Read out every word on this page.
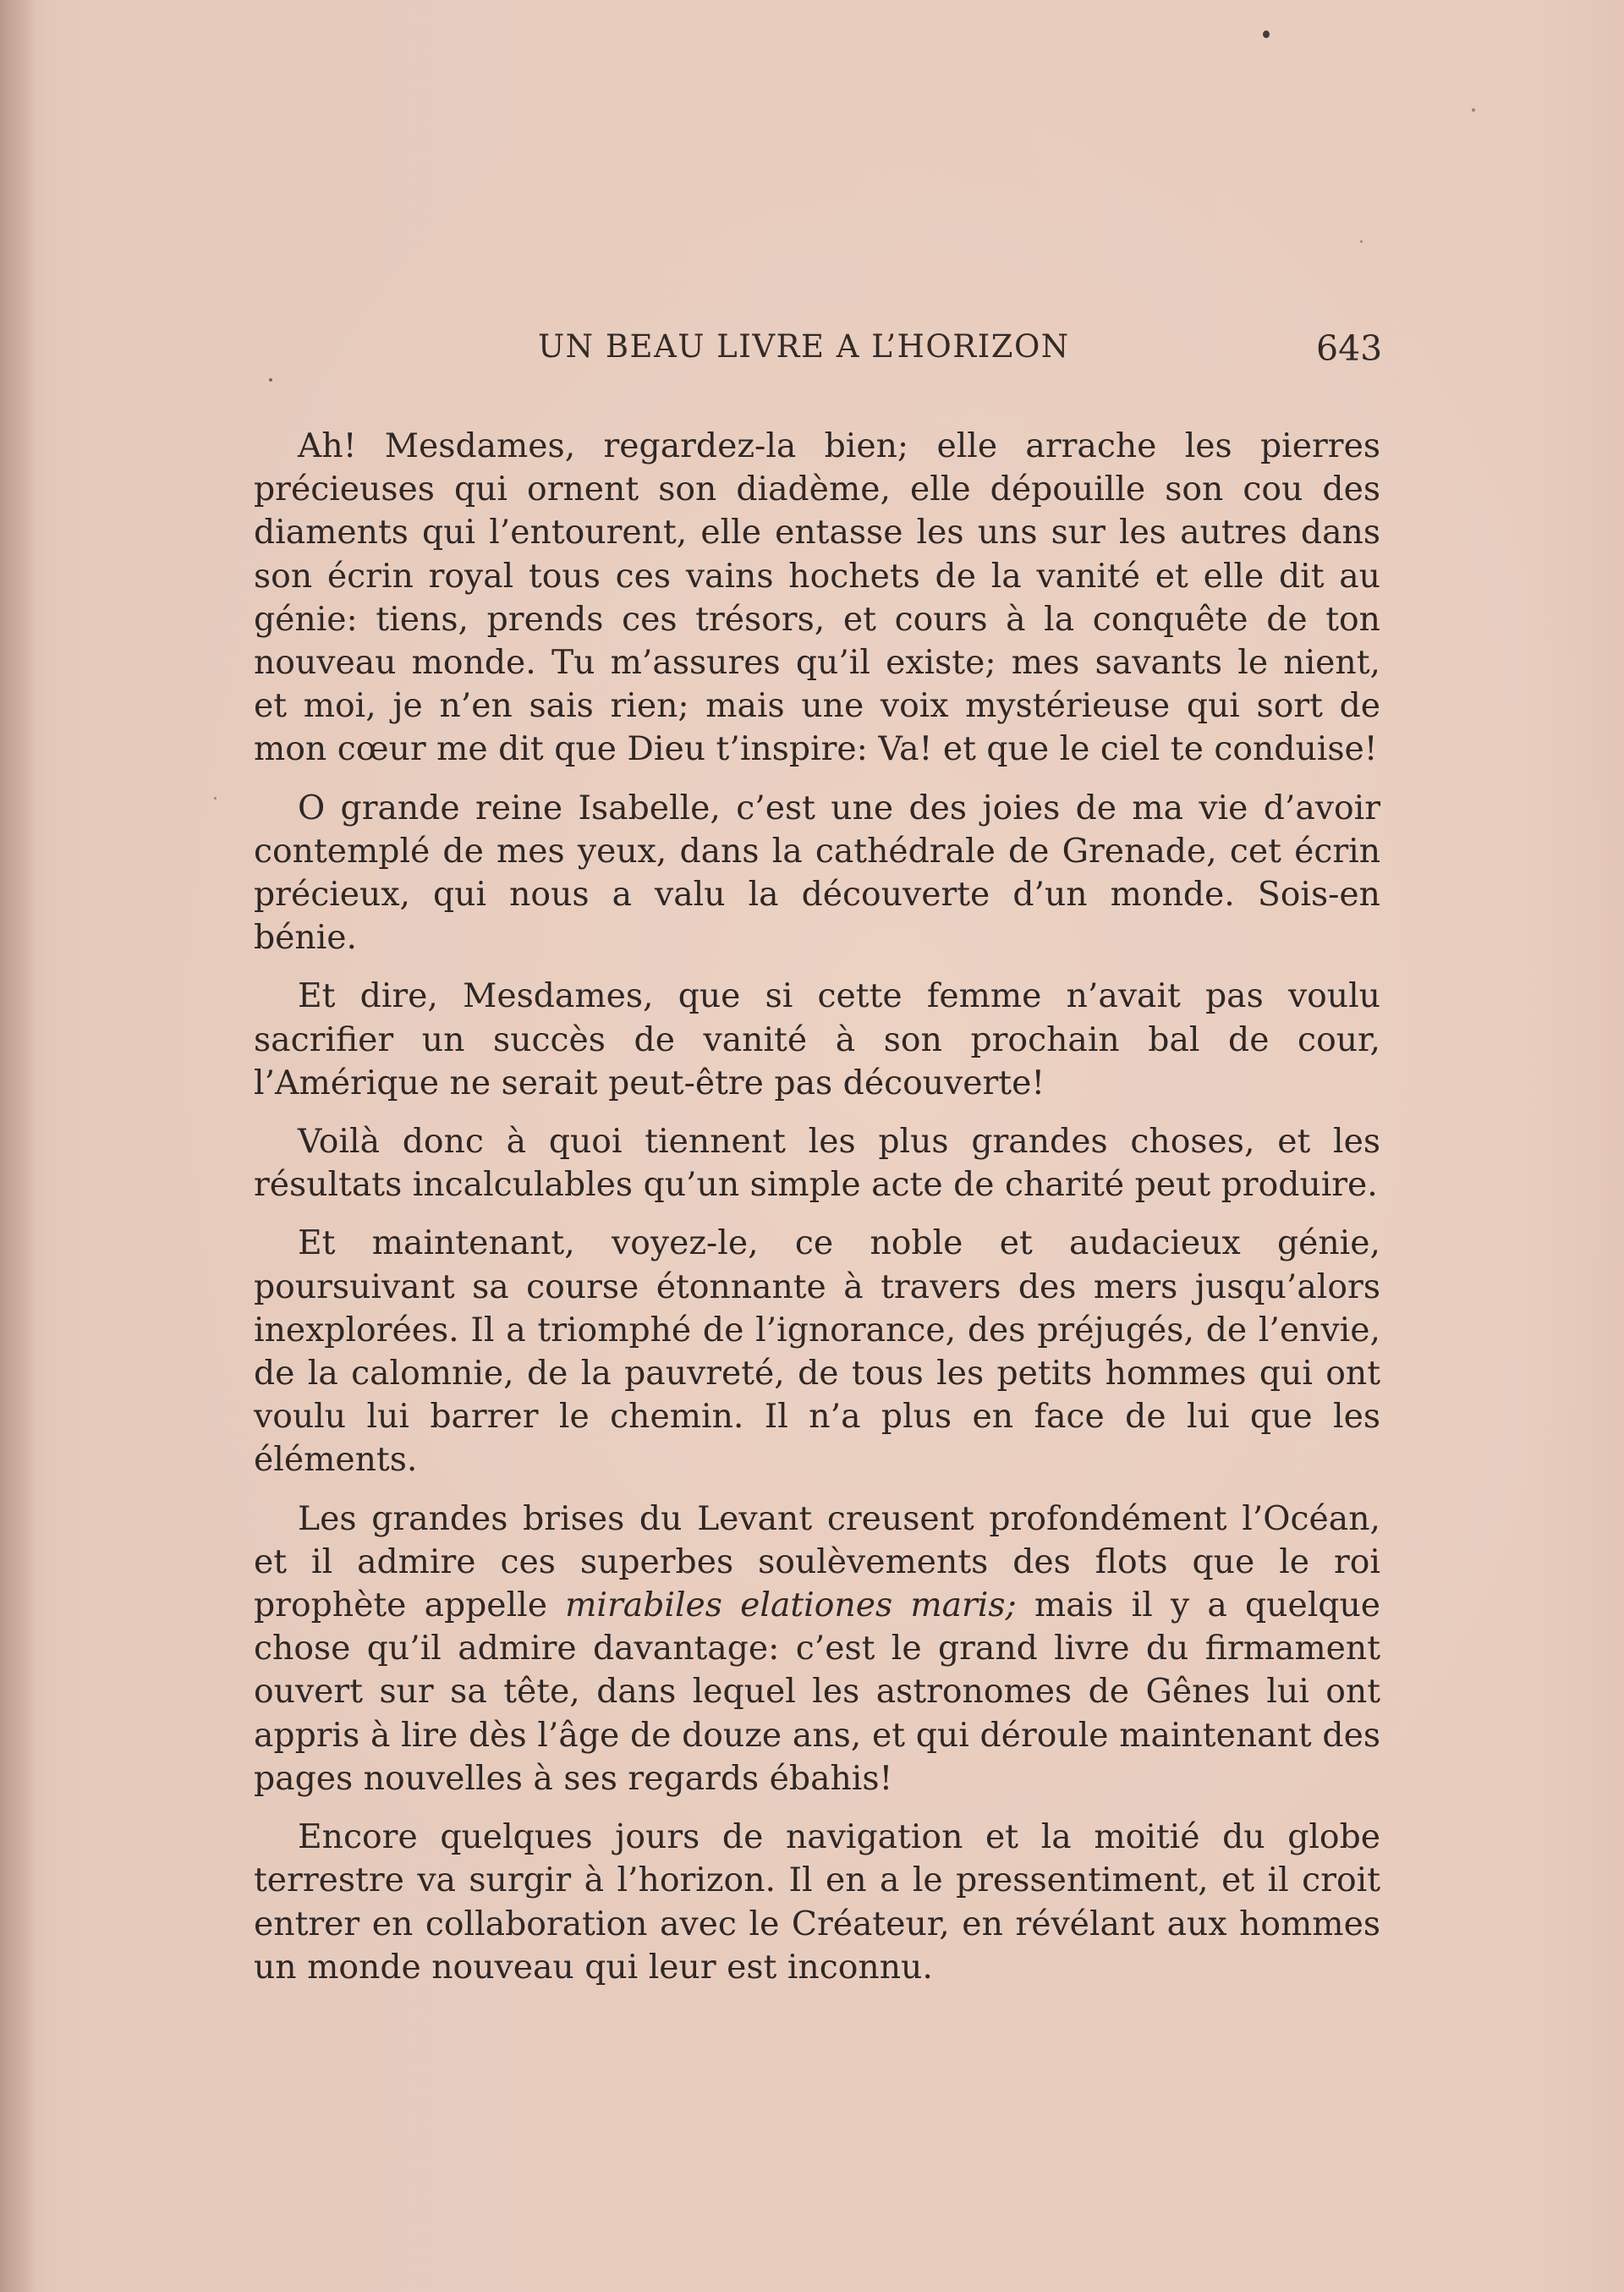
UN BEAU LIVRE A L’HORIZON	643

Ah! Mesdames, regardez-la bien; elle arrache les pierres précieuses qui ornent son diadème, elle dépouille son cou des diaments qui l’entourent, elle entasse les uns sur les autres dans son écrin royal tous ces vains hochets de la vanité et elle dit au génie: tiens, prends ces trésors, et cours à la conquête de ton nouveau monde. Tu m’assures qu’il existe; mes savants le nient, et moi, je n’en sais rien; mais une voix mystérieuse qui sort de mon cœur me dit que Dieu t’inspire: Va! et que le ciel te conduise!

O grande reine Isabelle, c’est une des joies de ma vie d’avoir contemplé de mes yeux, dans la cathédrale de Grenade, cet écrin précieux, qui nous a valu la découverte d’un monde. Sois-en bénie.

Et dire, Mesdames, que si cette femme n’avait pas voulu sacrifier un succès de vanité à son prochain bal de cour, l’Amérique ne serait peut-être pas découverte!

Voilà donc à quoi tiennent les plus grandes choses, et les résultats incalculables qu’un simple acte de charité peut produire.

Et maintenant, voyez-le, ce noble et audacieux génie, poursuivant sa course étonnante à travers des mers jusqu’alors inexplorées. Il a triomphé de l’ignorance, des préjugés, de l’envie, de la calomnie, de la pauvreté, de tous les petits hommes qui ont voulu lui barrer le chemin. Il n’a plus en face de lui que les éléments.

Les grandes brises du Levant creusent profondément l’Océan, et il admire ces superbes soulèvements des flots que le roi prophète appelle mirabiles elationes maris; mais il y a quelque chose qu’il admire davantage: c’est le grand livre du firmament ouvert sur sa tête, dans lequel les astronomes de Gênes lui ont appris à lire dès l’âge de douze ans, et qui déroule maintenant des pages nouvelles à ses regards ébahis!

Encore quelques jours de navigation et la moitié du globe terrestre va surgir à l’horizon. Il en a le pressentiment, et il croit entrer en collaboration avec le Créateur, en révélant aux hommes un monde nouveau qui leur est inconnu.
